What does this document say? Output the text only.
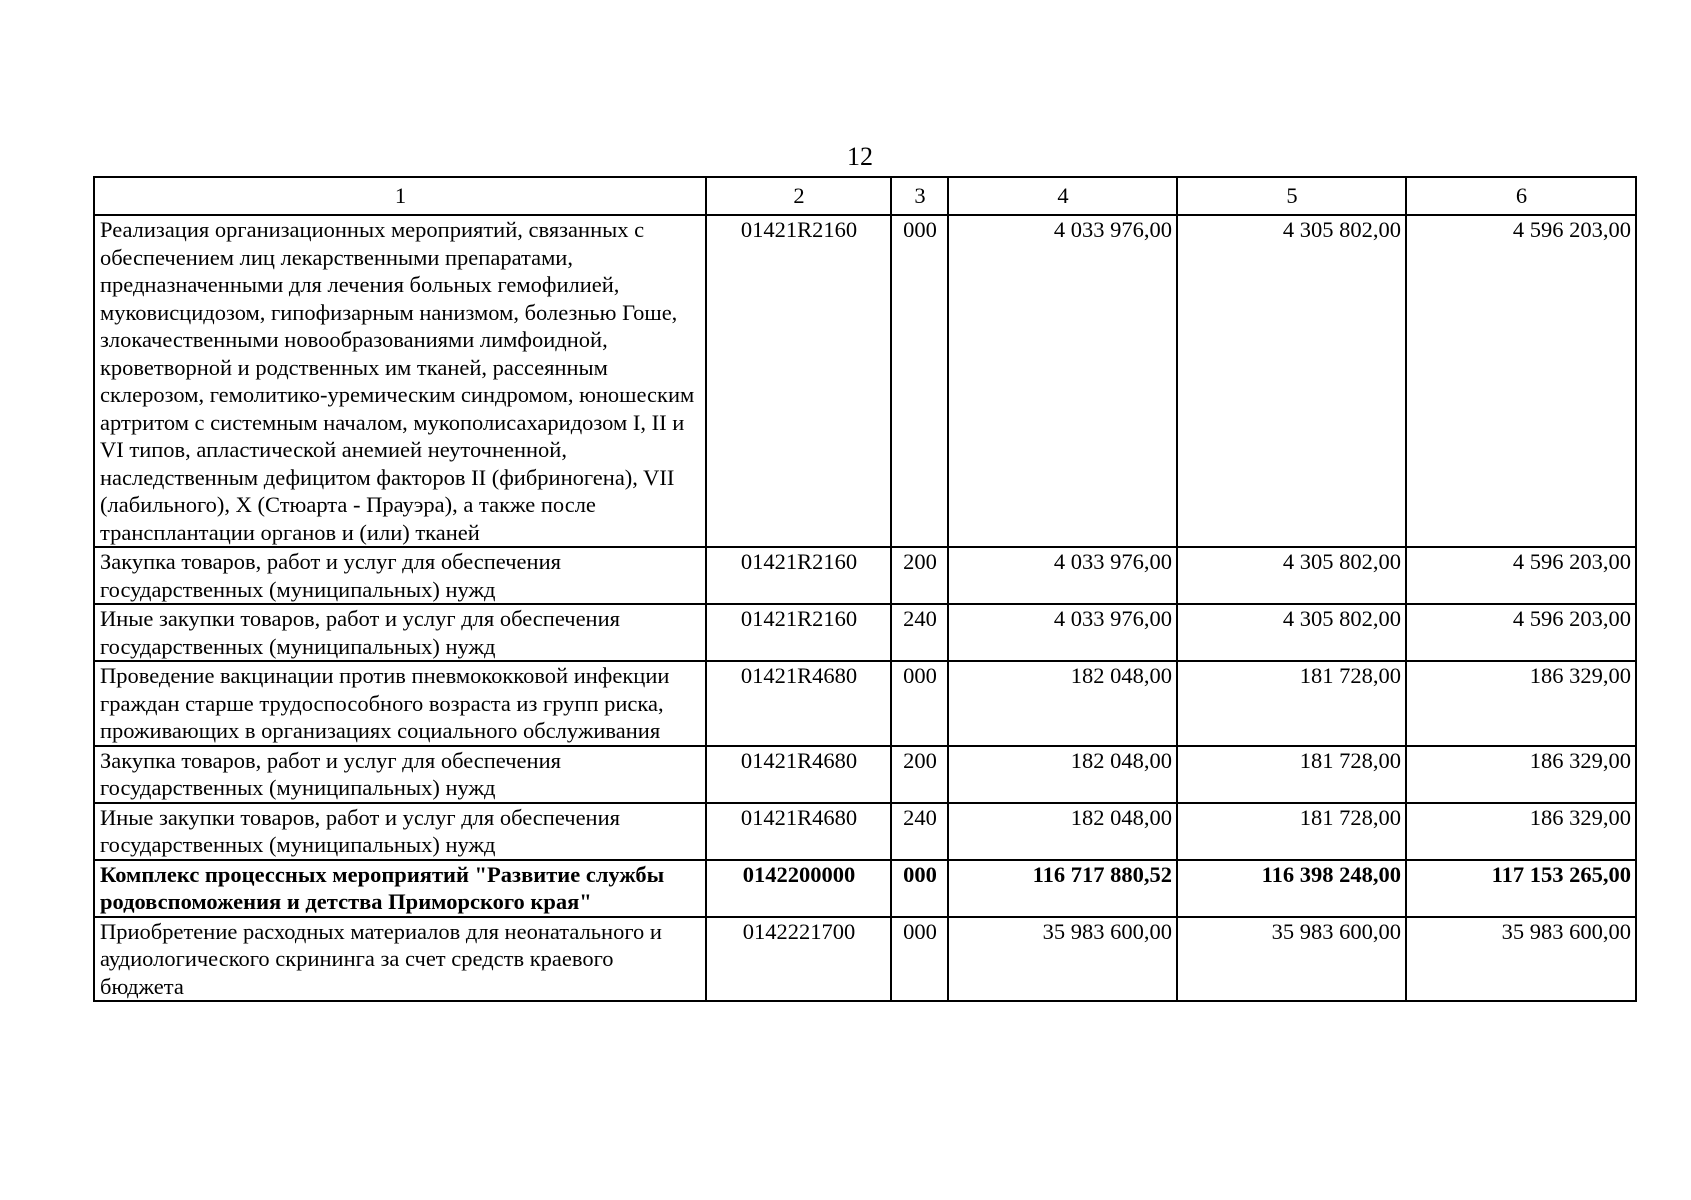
12
1	2	3	4	5	6
Реализация организационных мероприятий, связанных с обеспечением лиц лекарственными препаратами, предназначенными для лечения больных гемофилией, муковисцидозом, гипофизарным нанизмом, болезнью Гоше, злокачественными новообразованиями лимфоидной, кроветворной и родственных им тканей, рассеянным склерозом, гемолитико-уремическим синдромом, юношеским артритом с системным началом, мукополисахаридозом I, II и VI типов, апластической анемией неуточненной, наследственным дефицитом факторов II (фибриногена), VII (лабильного), X (Стюарта - Прауэра), а также после трансплантации органов и (или) тканей	01421R2160	000	4 033 976,00	4 305 802,00	4 596 203,00
Закупка товаров, работ и услуг для обеспечения государственных (муниципальных) нужд	01421R2160	200	4 033 976,00	4 305 802,00	4 596 203,00
Иные закупки товаров, работ и услуг для обеспечения государственных (муниципальных) нужд	01421R2160	240	4 033 976,00	4 305 802,00	4 596 203,00
Проведение вакцинации против пневмококковой инфекции граждан старше трудоспособного возраста из групп риска, проживающих в организациях социального обслуживания	01421R4680	000	182 048,00	181 728,00	186 329,00
Закупка товаров, работ и услуг для обеспечения государственных (муниципальных) нужд	01421R4680	200	182 048,00	181 728,00	186 329,00
Иные закупки товаров, работ и услуг для обеспечения государственных (муниципальных) нужд	01421R4680	240	182 048,00	181 728,00	186 329,00
Комплекс процессных мероприятий "Развитие службы родовспоможения и детства Приморского края"	0142200000	000	116 717 880,52	116 398 248,00	117 153 265,00
Приобретение расходных материалов для неонатального и аудиологического скрининга за счет средств краевого бюджета	0142221700	000	35 983 600,00	35 983 600,00	35 983 600,00
